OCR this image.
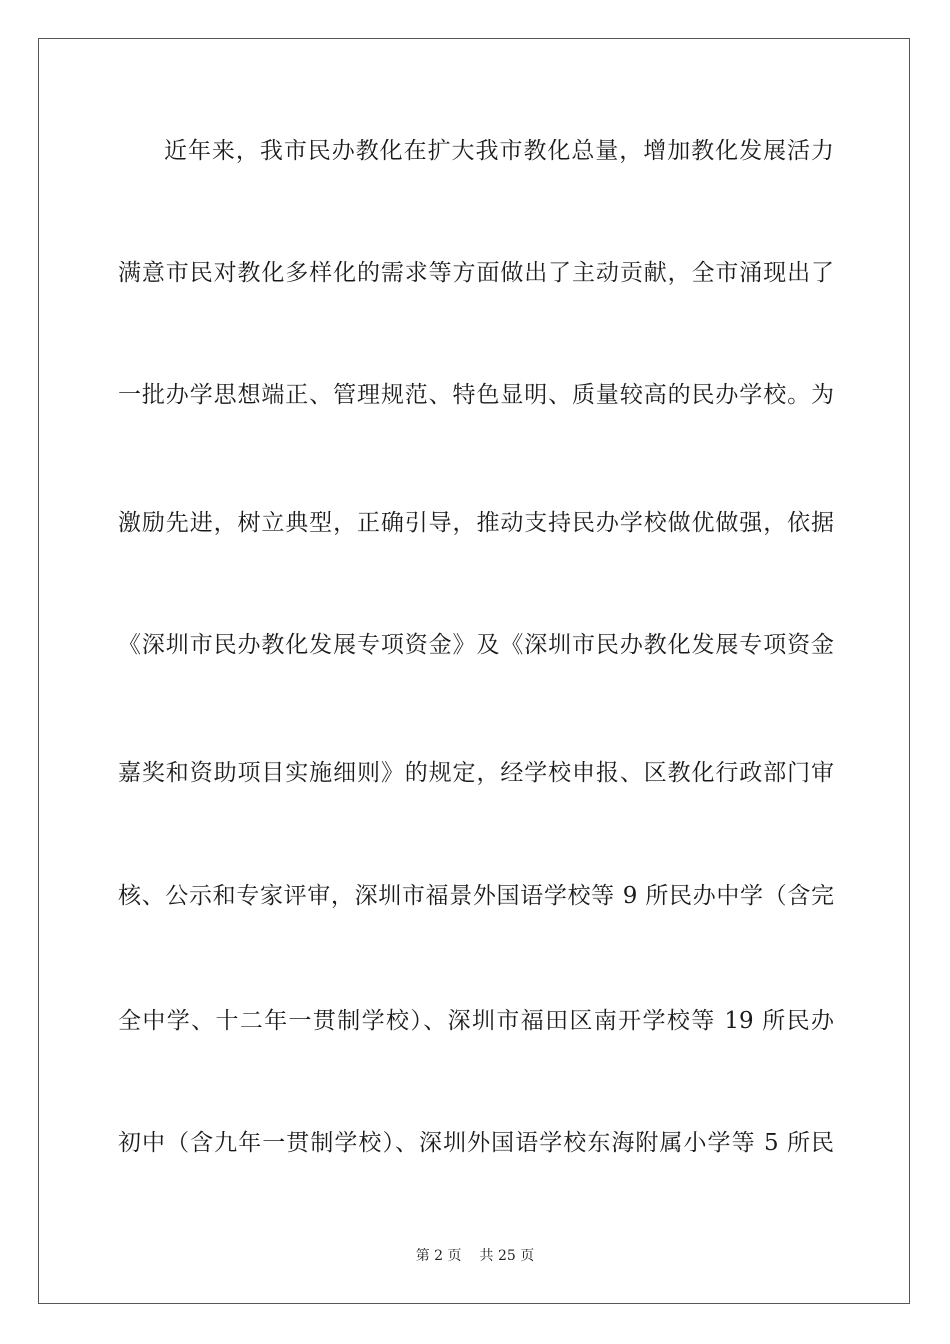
近年来，我市民办教化在扩大我市教化总量，增加教化发展活力
满意市民对教化多样化的需求等方面做出了主动贡献，全市涌现出了
一批办学思想端正、管理规范、特色显明、质量较高的民办学校。为
激励先进，树立典型，正确引导，推动支持民办学校做优做强，依据
《深圳市民办教化发展专项资金》及《深圳市民办教化发展专项资金
嘉奖和资助项目实施细则》的规定，经学校申报、区教化行政部门审
核、公示和专家评审，深圳市福景外国语学校等 9 所民办中学（含完
全中学、十二年一贯制学校）、深圳市福田区南开学校等 19 所民办
初中（含九年一贯制学校）、深圳外国语学校东海附属小学等 5 所民
第 2 页 共 25 页
